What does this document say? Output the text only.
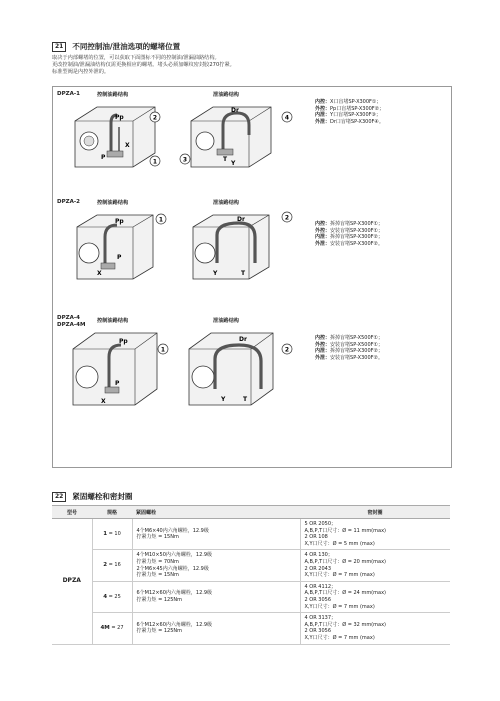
21	不同控制油/泄油选项的螺堵位置
取决于内部螺堵的位置，可以获取下面图标不同的控制油/泄漏油路结构。
更改控制油/泄漏油结构仅需更换相应的螺堵。堵头必须加螺纹密封胶270拧紧。
标准型阀是内控外泄的。
DPZA-1	控制油路结构	泄油路结构
DPZA-2	控制油路结构	泄油路结构
DPZA-4
DPZA-4M
控制油路结构	泄油路结构
内控：X口盲堵SP-X300F①；
外控：Pp口盲堵SP-X300F②；
内泄：Y口盲堵SP-X300F③；
外泄：Dr口盲堵SP-X300F④。
内控：拆掉盲堵SP-X300F①；
外控：安装盲堵SP-X300F①；
内泄：拆掉盲堵SP-X300F②；
外泄：安装盲堵SP-X300F②。
内控：拆掉盲堵SP-X500F①；
外控：安装盲堵SP-X500F①；
内泄：拆掉盲堵SP-X300F②；
外泄：安装盲堵SP-X300F②。
Pp
P
X
2
1
Dr
T
Y
4
3
Pp
P
X
1	Dr
Y	T
2
Pp
P
X
1
Dr
Y	T
2
22	紧固螺栓和密封圈
型号	规格	紧固螺栓	密封圈
DPZA	1 = 10	4个M6×40内六角螺栓，12.9级
拧紧力矩 = 15Nm	5 OR 2050；
A,B,P,T口尺寸：Ø = 11 mm(max)
2 OR 108
X,Y口尺寸：Ø = 5 mm (max)

	2 = 16	4个M10×50内六角螺栓，12.9级
拧紧力矩 = 70Nm
2个M6×45内六角螺栓，12.9级
拧紧力矩 = 15Nm	4 OR 130；
A,B,P,T口尺寸：Ø = 20 mm(max)
2 OR 2043
X,Y口尺寸：Ø = 7 mm (max)

	4 = 25	6个M12×60内六角螺栓，12.9级
拧紧力矩 = 125Nm	4 OR 4112；
A,B,P,T口尺寸：Ø = 24 mm(max)
2 OR 3056
X,Y口尺寸：Ø = 7 mm (max)

	4M = 27	6个M12×60内六角螺栓，12.9级
拧紧力矩 = 125Nm	4 OR 3137；
A,B,P,T口尺寸：Ø = 32 mm(max)
2 OR 3056
X,Y口尺寸：Ø = 7 mm (max)
